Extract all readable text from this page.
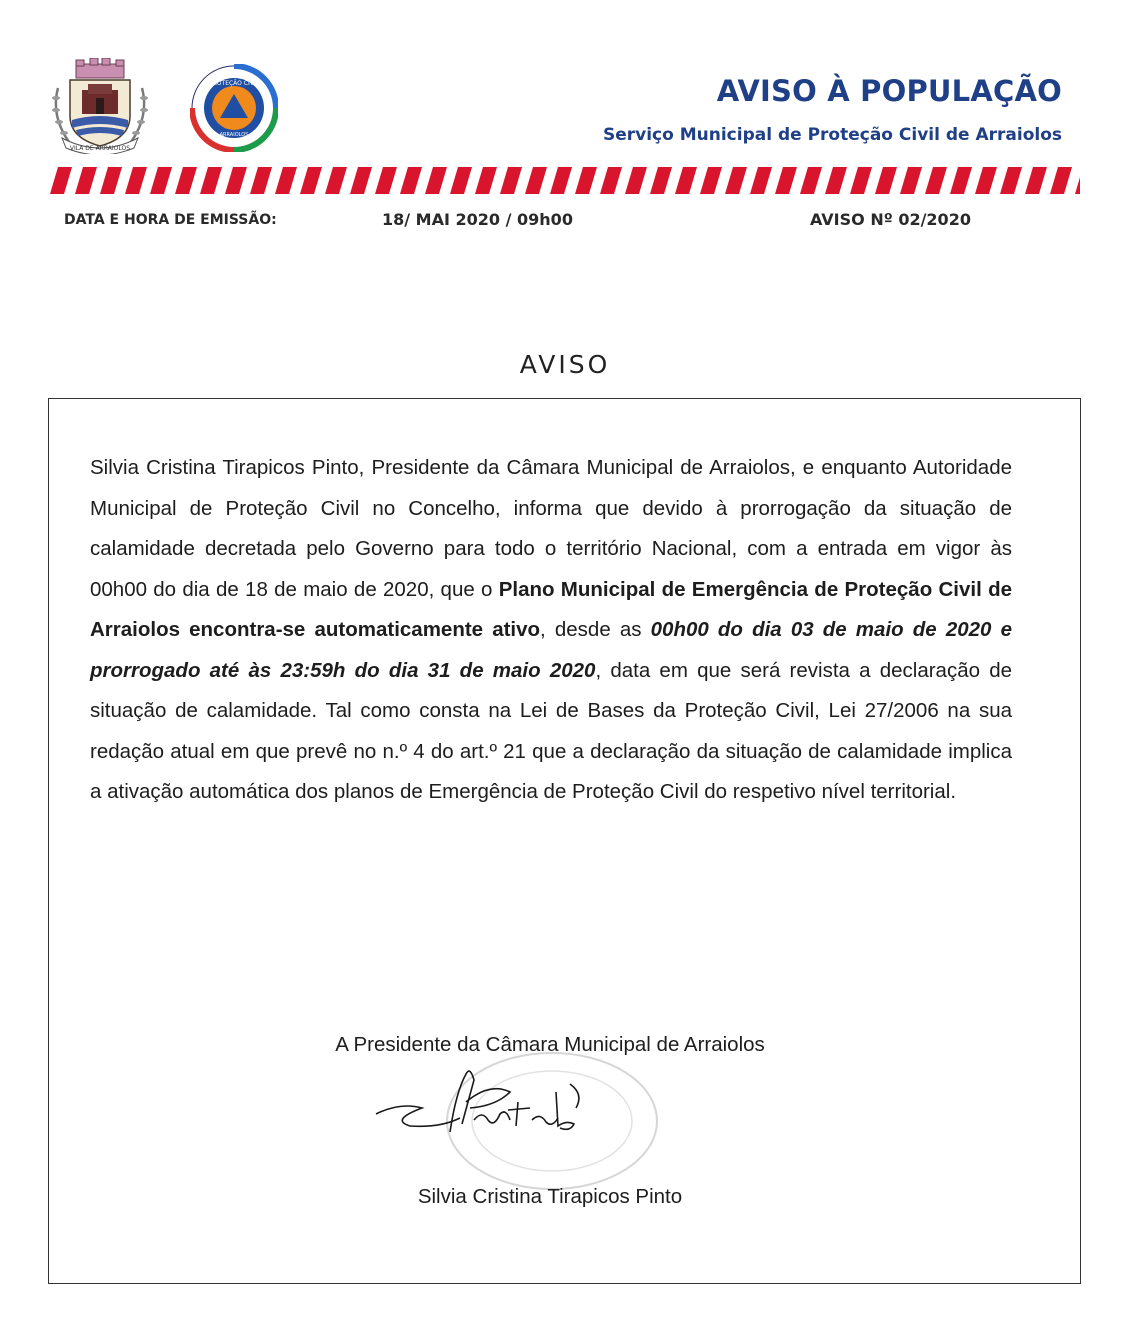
VILA DE ARRAIOLOS
PROTEÇÃO CIVIL
ARRAIOLOS
AVISO À POPULAÇÃO
Serviço Municipal de Proteção Civil de Arraiolos
DATA E HORA DE EMISSÃO:	18/ MAI 2020 / 09h00	AVISO Nº 02/2020
AVISO

Silvia Cristina Tirapicos Pinto, Presidente da Câmara Municipal de Arraiolos, e enquanto Autoridade Municipal de Proteção Civil no Concelho, informa que devido à prorrogação da situação de calamidade decretada pelo Governo para todo o território Nacional, com a entrada em vigor às 00h00 do dia de 18 de maio de 2020, que o Plano Municipal de Emergência de Proteção Civil de Arraiolos encontra-se automaticamente ativo, desde as 00h00 do dia 03 de maio de 2020 e prorrogado até às 23:59h do dia 31 de maio 2020, data em que será revista a declaração de situação de calamidade. Tal como consta na Lei de Bases da Proteção Civil, Lei 27/2006 na sua redação atual em que prevê no n.º 4 do art.º 21 que a declaração da situação de calamidade implica a ativação automática dos planos de Emergência de Proteção Civil do respetivo nível territorial.

A Presidente da Câmara Municipal de Arraiolos
Silvia Cristina Tirapicos Pinto
